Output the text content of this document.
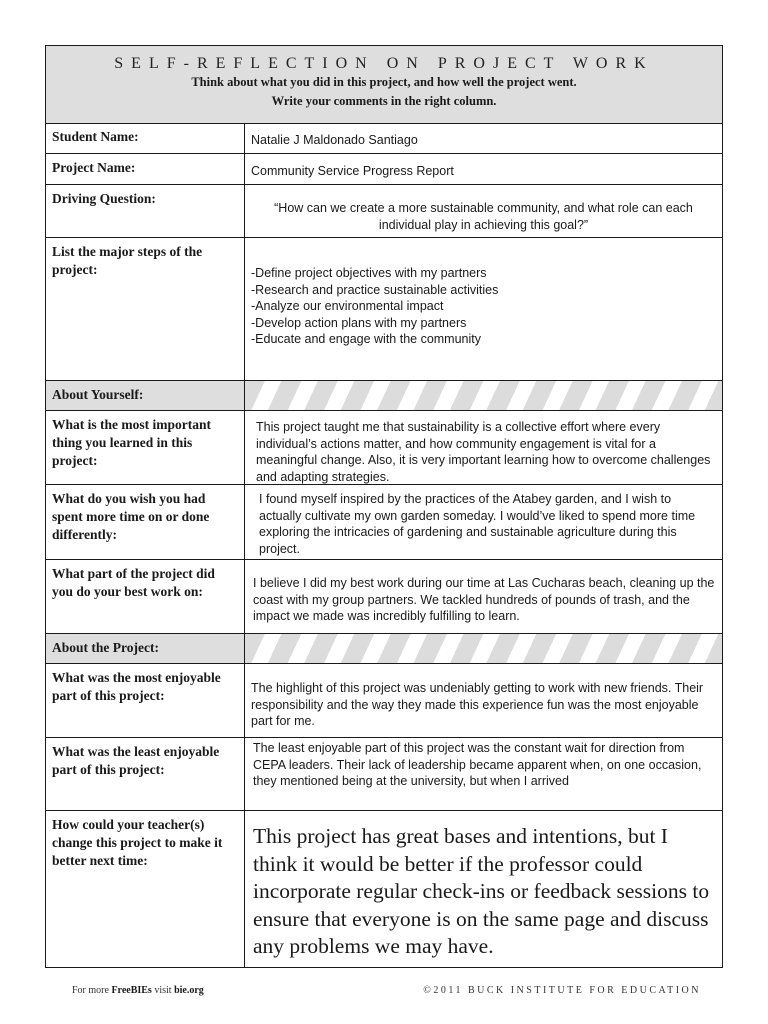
SELF-REFLECTION ON PROJECT WORK
Think about what you did in this project, and how well the project went.
Write your comments in the right column.
Student Name:	Natalie J Maldonado Santiago
Project Name:	Community Service Progress Report
Driving Question:
“How can we create a more sustainable community, and what role can each individual play in achieving this goal?”
List the major steps of the project:	-Define project objectives with my partners
-Research and practice sustainable activities
-Analyze our environmental impact
-Develop action plans with my partners
-Educate and engage with the community
About Yourself:
What is the most important thing you learned in this project:
This project taught me that sustainability is a collective effort where every individual’s actions matter, and how community engagement is vital for a meaningful change. Also, it is very important learning how to overcome challenges and adapting strategies.
What do you wish you had spent more time on or done differently:
I found myself inspired by the practices of the Atabey garden, and I wish to actually cultivate my own garden someday. I would’ve liked to spend more time exploring the intricacies of gardening and sustainable agriculture during this project.
What part of the project did you do your best work on:
I believe I did my best work during our time at Las Cucharas beach, cleaning up the coast with my group partners. We tackled hundreds of pounds of trash, and the impact we made was incredibly fulfilling to learn.
About the Project:
What was the most enjoyable part of this project:	The highlight of this project was undeniably getting to work with new friends. Their responsibility and the way they made this experience fun was the most enjoyable part for me.
What was the least enjoyable part of this project:
The least enjoyable part of this project was the constant wait for direction from CEPA leaders. Their lack of leadership became apparent when, on one occasion, they mentioned being at the university, but when I arrived
How could your teacher(s) change this project to make it better next time:
This project has great bases and intentions, but I think it would be better if the professor could incorporate regular check-ins or feedback sessions to ensure that everyone is on the same page and discuss any problems we may have.
For more FreeBIEs visit bie.org	©2011 BUCK INSTITUTE FOR EDUCATION
